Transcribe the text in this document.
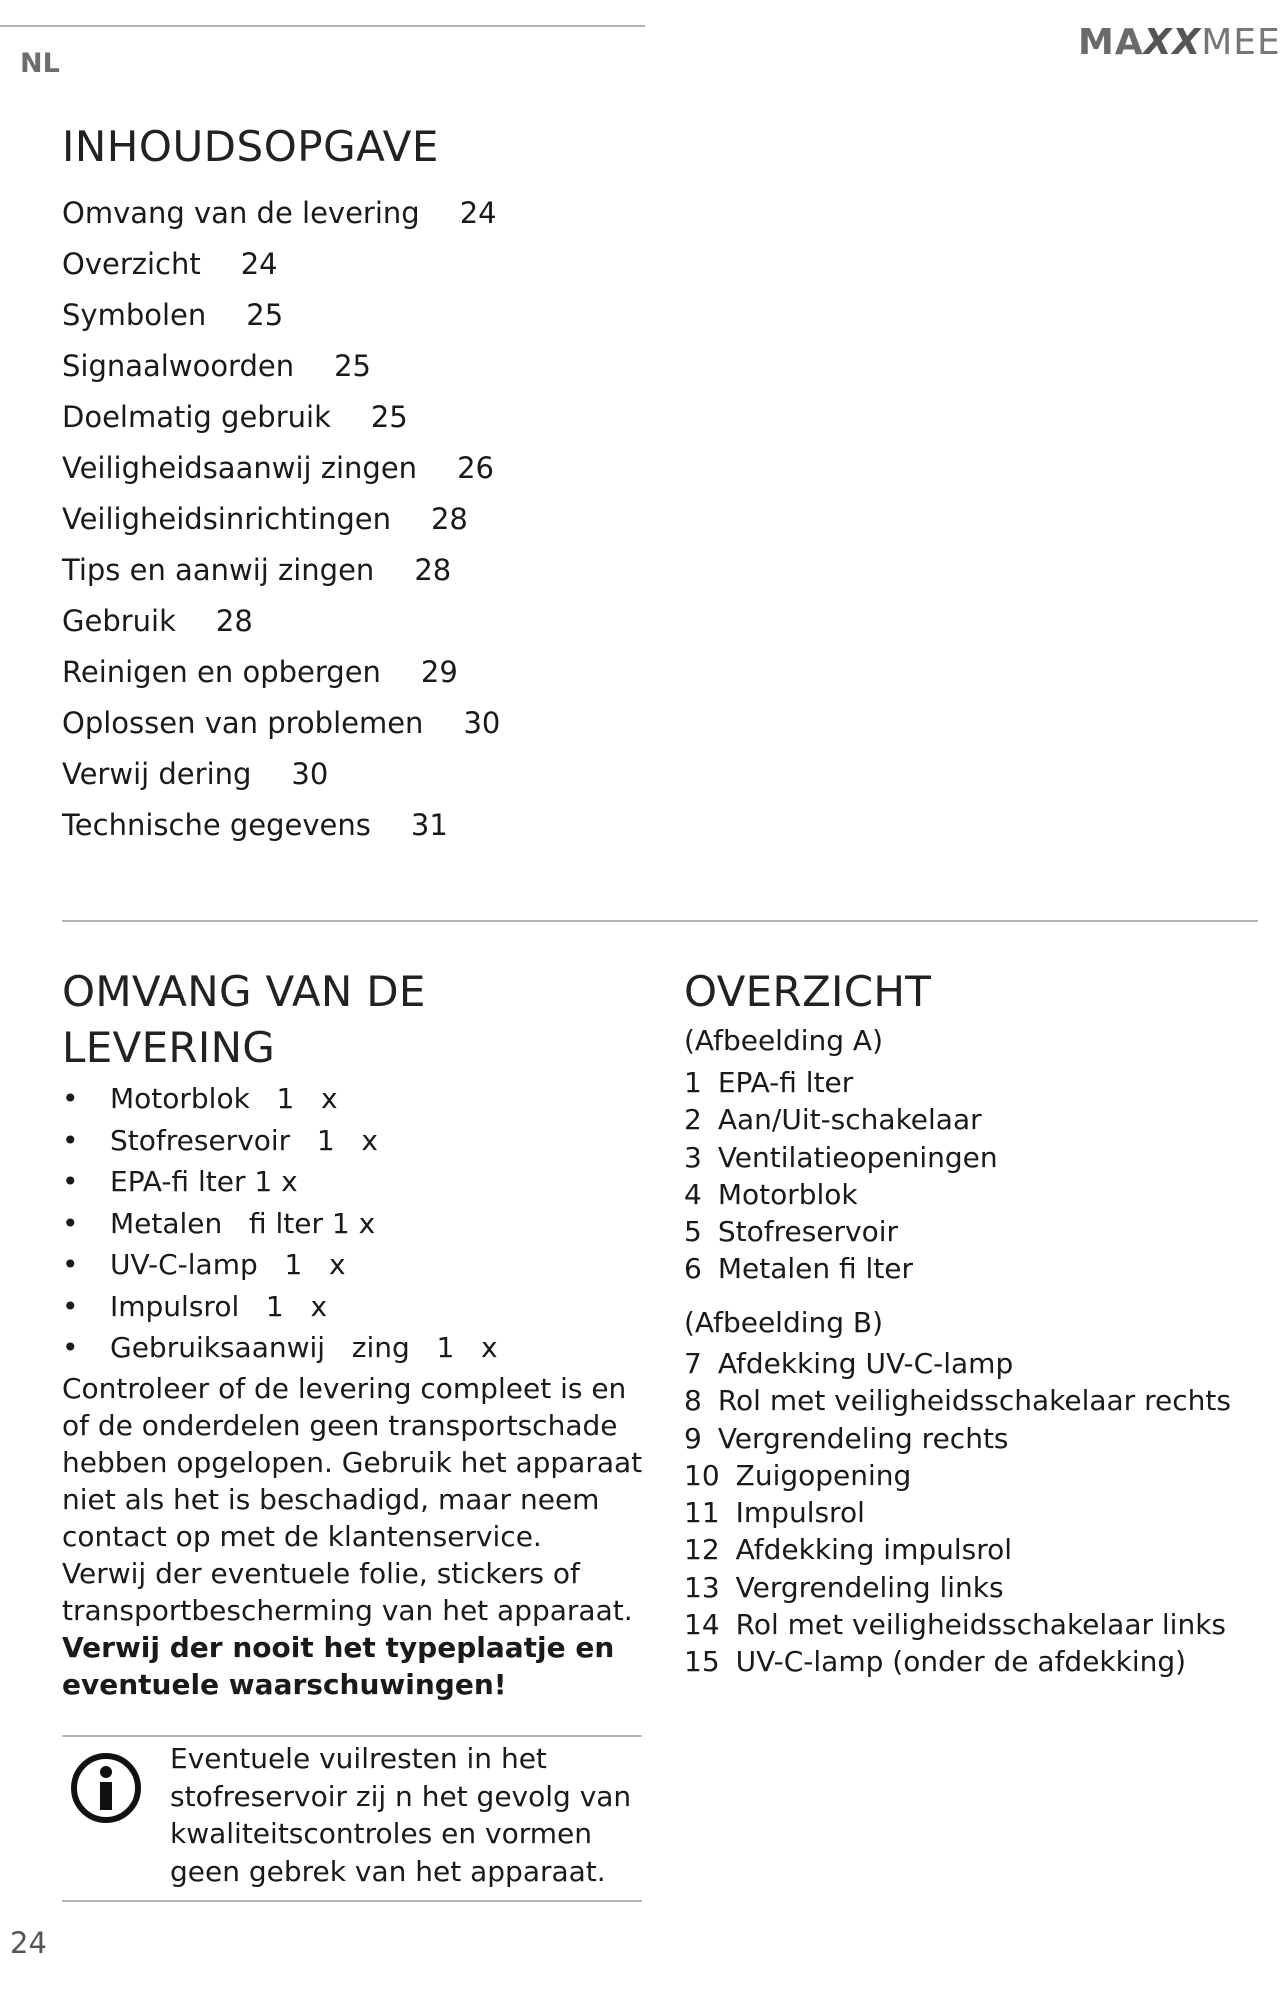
NL
MAXXMEE
INHOUDSOPGAVE
Omvang van de levering 24
Overzicht 24
Symbolen 25
Signaalwoorden 25
Doelmatig gebruik 25
Veiligheidsaanwij zingen 26
Veiligheidsinrichtingen 28
Tips en aanwij zingen 28
Gebruik 28
Reinigen en opbergen 29
Oplossen van problemen 30
Verwij dering 30
Technische gegevens 31
OMVANG VAN DE LEVERING
• Motorblok   1   x
• Stofreservoir   1   x
• EPA-fi lter 1 x
• Metalen   fi lter 1 x
• UV-C-lamp   1   x
• Impulsrol   1   x
• Gebruiksaanwij   zing   1   x

Controleer of de levering compleet is en of de onderdelen geen transportschade hebben opgelopen. Gebruik het apparaat niet als het is beschadigd, maar neem contact op met de klantenservice.

Verwij der eventuele folie, stickers of transportbescherming van het apparaat.

Verwij der nooit het typeplaatje en eventuele waarschuwingen!

Eventuele vuilresten in het stofreservoir zij n het gevolg van kwaliteitscontroles en vormen geen gebrek van het apparaat.
OVERZICHT
(Afbeelding A)
1 EPA-fi lter
2 Aan/Uit-schakelaar
3 Ventilatieopeningen
4 Motorblok
5 Stofreservoir
6 Metalen fi lter
(Afbeelding B)
7 Afdekking UV-C-lamp
8 Rol met veiligheidsschakelaar rechts
9 Vergrendeling rechts
10 Zuigopening
11 Impulsrol
12 Afdekking impulsrol
13 Vergrendeling links
14 Rol met veiligheidsschakelaar links
15 UV-C-lamp (onder de afdekking)
24
